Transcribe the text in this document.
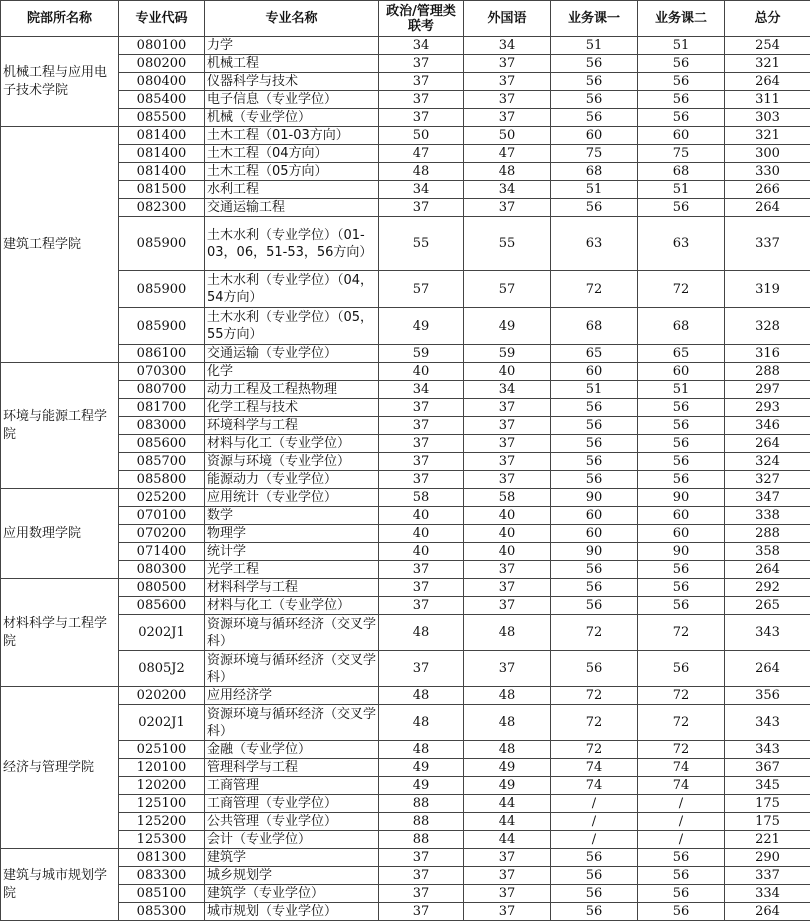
院部所名称	专业代码	专业名称	政治/管理类联考	外国语	业务课一	业务课二	总分
机械工程与应用电子技术学院	080100	力学	34	34	51	51	254
	080200	机械工程	37	37	56	56	321
	080400	仪器科学与技术	37	37	56	56	264
	085400	电子信息（专业学位）	37	37	56	56	311
	085500	机械（专业学位）	37	37	56	56	303
建筑工程学院	081400	土木工程（01-03方向）	50	50	60	60	321
	081400	土木工程（04方向）	47	47	75	75	300
	081400	土木工程（05方向）	48	48	68	68	330
	081500	水利工程	34	34	51	51	266
	082300	交通运输工程	37	37	56	56	264
	085900	土木水利（专业学位）（01-03，06，51-53，56方向）	55	55	63	63	337
	085900	土木水利（专业学位）（04，54方向）	57	57	72	72	319
	085900	土木水利（专业学位）（05，55方向）	49	49	68	68	328
	086100	交通运输（专业学位）	59	59	65	65	316
环境与能源工程学院	070300	化学	40	40	60	60	288
	080700	动力工程及工程热物理	34	34	51	51	297
	081700	化学工程与技术	37	37	56	56	293
	083000	环境科学与工程	37	37	56	56	346
	085600	材料与化工（专业学位）	37	37	56	56	264
	085700	资源与环境（专业学位）	37	37	56	56	324
	085800	能源动力（专业学位）	37	37	56	56	327
应用数理学院	025200	应用统计（专业学位）	58	58	90	90	347
	070100	数学	40	40	60	60	338
	070200	物理学	40	40	60	60	288
	071400	统计学	40	40	90	90	358
	080300	光学工程	37	37	56	56	264
材料科学与工程学院	080500	材料科学与工程	37	37	56	56	292
	085600	材料与化工（专业学位）	37	37	56	56	265
	0202J1	资源环境与循环经济（交叉学科）	48	48	72	72	343
	0805J2	资源环境与循环经济（交叉学科）	37	37	56	56	264
经济与管理学院	020200	应用经济学	48	48	72	72	356
	0202J1	资源环境与循环经济（交叉学科）	48	48	72	72	343
	025100	金融（专业学位）	48	48	72	72	343
	120100	管理科学与工程	49	49	74	74	367
	120200	工商管理	49	49	74	74	345
	125100	工商管理（专业学位）	88	44	/	/	175
	125200	公共管理（专业学位）	88	44	/	/	175
	125300	会计（专业学位）	88	44	/	/	221
建筑与城市规划学院	081300	建筑学	37	37	56	56	290
	083300	城乡规划学	37	37	56	56	337
	085100	建筑学（专业学位）	37	37	56	56	334
	085300	城市规划（专业学位）	37	37	56	56	264
